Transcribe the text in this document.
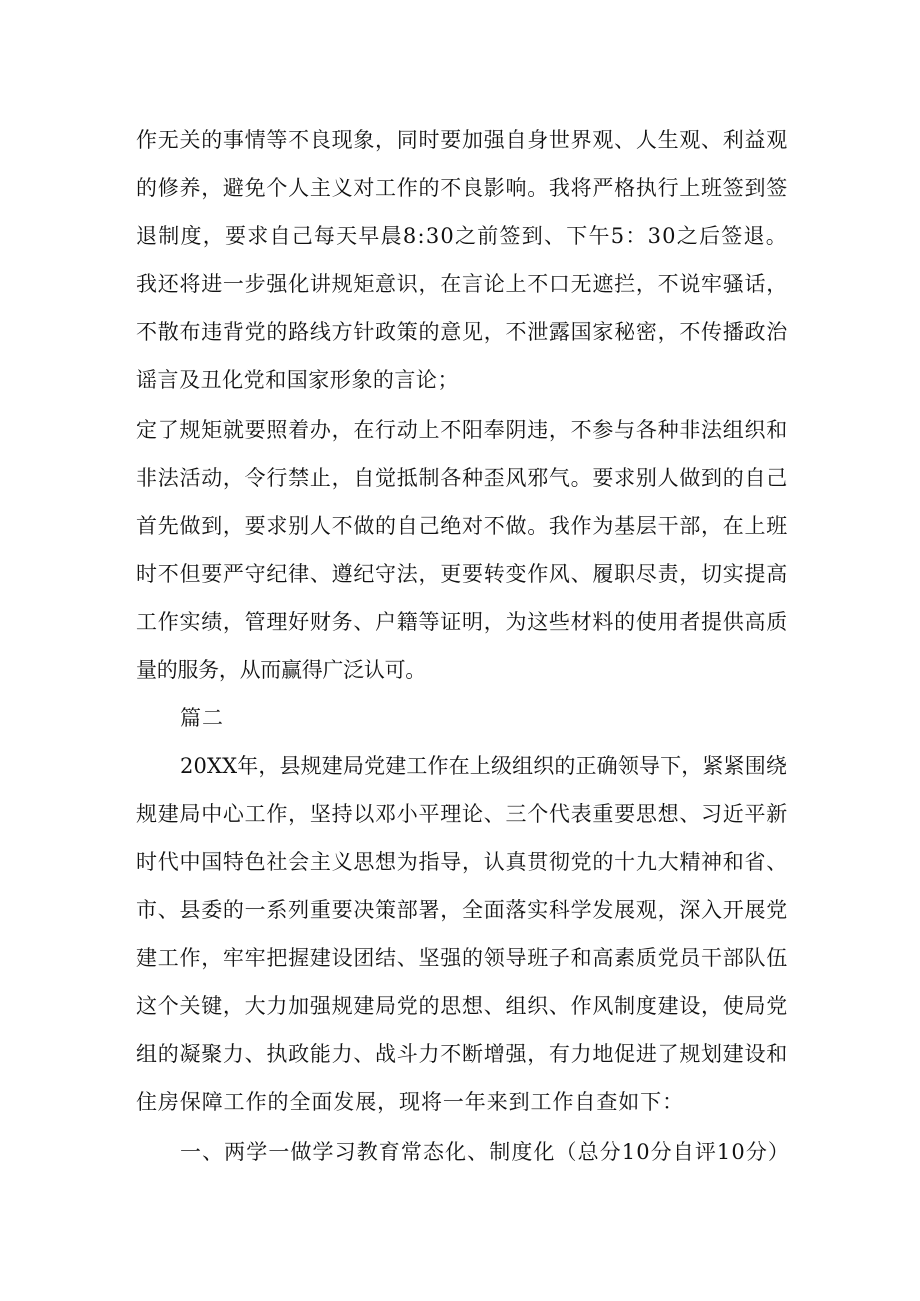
作无关的事情等不良现象，同时要加强自身世界观、人生观、利益观

的修养，避免个人主义对工作的不良影响。我将严格执行上班签到签

退制度，要求自己每天早晨8:30之前签到、下午5：30之后签退。

我还将进一步强化讲规矩意识，在言论上不口无遮拦，不说牢骚话，

不散布违背党的路线方针政策的意见，不泄露国家秘密，不传播政治

谣言及丑化党和国家形象的言论；

定了规矩就要照着办，在行动上不阳奉阴违，不参与各种非法组织和

非法活动，令行禁止，自觉抵制各种歪风邪气。要求别人做到的自己

首先做到，要求别人不做的自己绝对不做。我作为基层干部，在上班

时不但要严守纪律、遵纪守法，更要转变作风、履职尽责，切实提高

工作实绩，管理好财务、户籍等证明，为这些材料的使用者提供高质

量的服务，从而赢得广泛认可。

篇二

20XX年，县规建局党建工作在上级组织的正确领导下，紧紧围绕

规建局中心工作，坚持以邓小平理论、三个代表重要思想、习近平新

时代中国特色社会主义思想为指导，认真贯彻党的十九大精神和省、

市、县委的一系列重要决策部署，全面落实科学发展观，深入开展党

建工作，牢牢把握建设团结、坚强的领导班子和高素质党员干部队伍

这个关键，大力加强规建局党的思想、组织、作风制度建设，使局党

组的凝聚力、执政能力、战斗力不断增强，有力地促进了规划建设和

住房保障工作的全面发展，现将一年来到工作自查如下：

一、两学一做学习教育常态化、制度化（总分10分自评10分）
